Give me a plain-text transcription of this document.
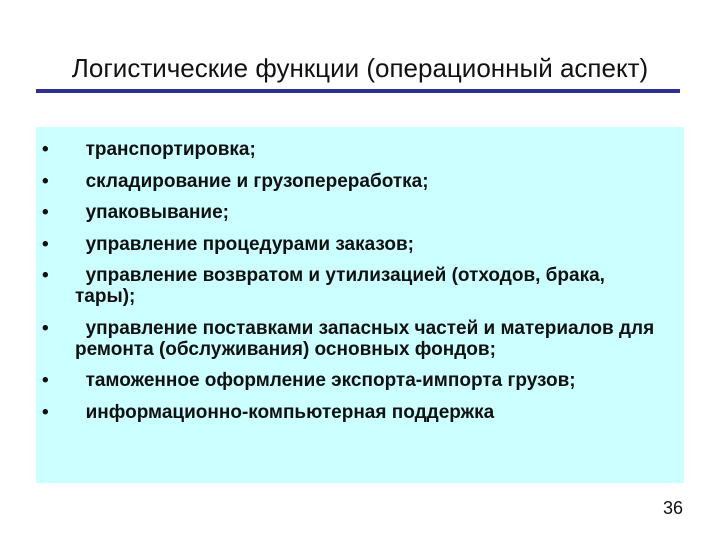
Логистические функции (операционный аспект)
• транспортировка;
• складирование и грузопереработка;
• упаковывание;
• управление процедурами заказов;
• управление возвратом и утилизацией (отходов, брака, тары);
• управление поставками запасных частей и материалов для ремонта (обслуживания) основных фондов;
• таможенное оформление экспорта-импорта грузов;
• информационно-компьютерная поддержка
36
